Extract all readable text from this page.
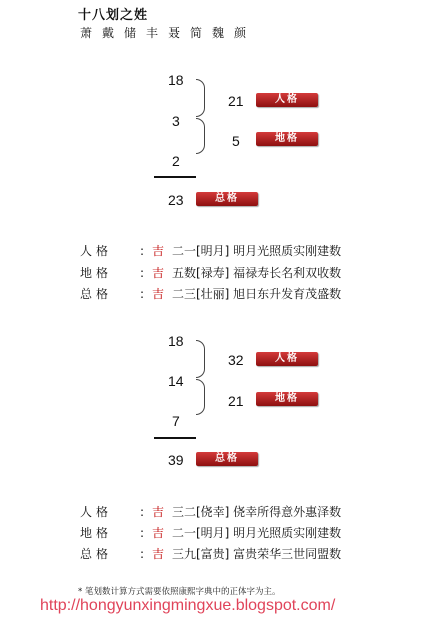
十八划之姓
萧戴储丰聂简魏颜
18
21	人格
3
5	地格
2
23	总格
人格 : 吉 二一[明月] 明月光照质实刚建数
地格 : 吉 五数[禄寿] 福禄寿长名利双收数
总格 : 吉 二三[壮丽] 旭日东升发育茂盛数
18
32	人格
14
21	地格
7
39	总格
人格 : 吉 三二[侥幸] 侥幸所得意外惠泽数
地格 : 吉 二一[明月] 明月光照质实刚建数
总格 : 吉 三九[富贵] 富贵荣华三世同盟数
* 笔划数计算方式需要依照康熙字典中的正体字为主。
http://hongyunxingmingxue.blogspot.com/
